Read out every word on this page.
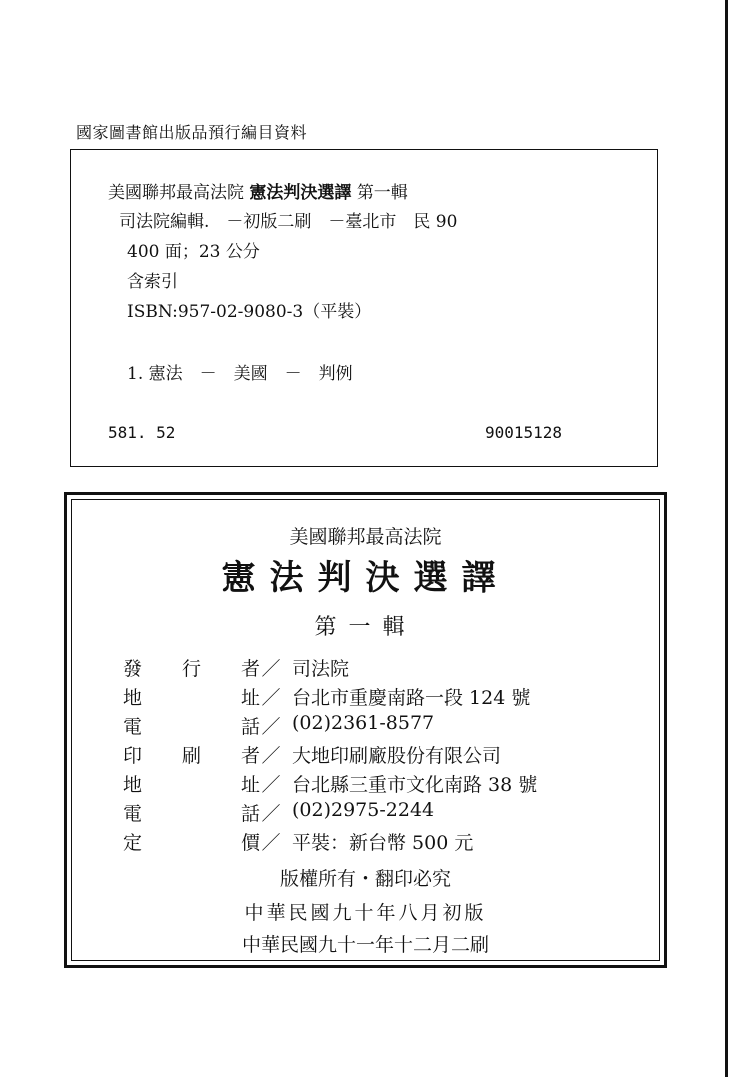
國家圖書館出版品預行編目資料
美國聯邦最高法院 憲法判決選譯 第一輯
司法院編輯.　－初版二刷　－臺北市　民 90
400 面；23 公分
含索引
ISBN:957-02-9080-3（平裝）
1. 憲法　－　美國　－　判例
581. 52	90015128
美國聯邦最高法院
憲法判決選譯
第一輯
發行者 ／ 司法院
地址 ／ 台北市重慶南路一段 124 號
電話 ／ (02)2361-8577
印刷者 ／ 大地印刷廠股份有限公司
地址 ／ 台北縣三重市文化南路 38 號
電話 ／ (02)2975-2244
定價 ／ 平裝：新台幣 500 元
版權所有・翻印必究
中華民國九十年八月初版
中華民國九十一年十二月二刷
